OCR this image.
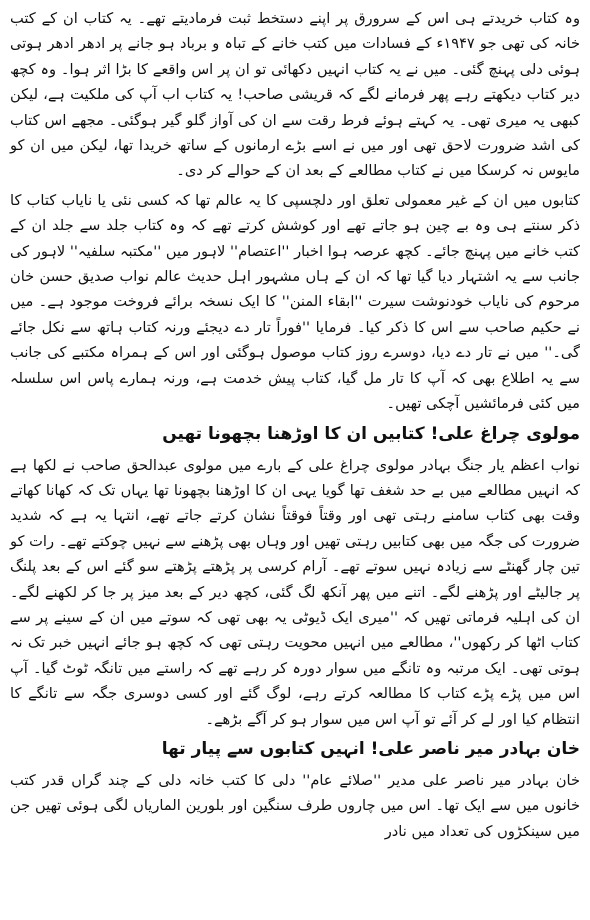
وہ کتاب خریدتے ہی اس کے سرورق پر اپنے دستخط ثبت فرمادیتے تھے۔ یہ کتاب ان کے کتب خانہ کی تھی جو ۱۹۴۷ء کے فسادات میں کتب خانے کے تباہ و برباد ہو جانے پر ادھر ادھر ہوتی ہوئی دلی پہنچ گئی۔ میں نے یہ کتاب انہیں دکھائی تو ان پر اس واقعے کا بڑا اثر ہوا۔ وہ کچھ دیر کتاب دیکھتے رہے پھر فرمانے لگے کہ قریشی صاحب! یہ کتاب اب آپ کی ملکیت ہے، لیکن کبھی یہ میری تھی۔ یہ کہتے ہوئے فرط رقت سے ان کی آواز گلو گیر ہوگئی۔ مجھے اس کتاب کی اشد ضرورت لاحق تھی اور میں نے اسے بڑے ارمانوں کے ساتھ خریدا تھا، لیکن میں ان کو مایوس نہ کرسکا میں نے کتاب مطالعے کے بعد ان کے حوالے کر دی۔

کتابوں میں ان کے غیر معمولی تعلق اور دلچسپی کا یہ عالم تھا کہ کسی نئی یا نایاب کتاب کا ذکر سنتے ہی وہ بے چین ہو جاتے تھے اور کوشش کرتے تھے کہ وہ کتاب جلد سے جلد ان کے کتب خانے میں پہنچ جائے۔ کچھ عرصہ ہوا اخبار ''اعتصام'' لاہور میں ''مکتبہ سلفیہ'' لاہور کی جانب سے یہ اشتہار دیا گیا تھا کہ ان کے ہاں مشہور اہل حدیث عالم نواب صدیق حسن خان مرحوم کی نایاب خودنوشت سیرت ''ابقاء المنن'' کا ایک نسخہ برائے فروخت موجود ہے۔ میں نے حکیم صاحب سے اس کا ذکر کیا۔ فرمایا ''فوراً تار دے دیجئے ورنہ کتاب ہاتھ سے نکل جائے گی۔'' میں نے تار دے دیا، دوسرے روز کتاب موصول ہوگئی اور اس کے ہمراہ مکتبے کی جانب سے یہ اطلاع بھی کہ آپ کا تار مل گیا، کتاب پیش خدمت ہے، ورنہ ہمارے پاس اس سلسلہ میں کئی فرمائشیں آچکی تھیں۔

مولوی چراغ علی! کتابیں ان کا اوڑھنا بچھونا تھیں

نواب اعظم یار جنگ بہادر مولوی چراغ علی کے بارے میں مولوی عبدالحق صاحب نے لکھا ہے کہ انہیں مطالعے میں بے حد شغف تھا گویا یہی ان کا اوڑھنا بچھونا تھا یہاں تک کہ کھانا کھاتے وقت بھی کتاب سامنے رہتی تھی اور وقتاً فوقتاً نشان کرتے جاتے تھے، انتہا یہ ہے کہ شدید ضرورت کی جگہ میں بھی کتابیں رہتی تھیں اور وہاں بھی پڑھنے سے نہیں چوکتے تھے۔ رات کو تین چار گھنٹے سے زیادہ نہیں سوتے تھے۔ آرام کرسی پر پڑھتے پڑھتے سو گئے اس کے بعد پلنگ پر جالیٹے اور پڑھنے لگے۔ اتنے میں پھر آنکھ لگ گئی، کچھ دیر کے بعد میز پر جا کر لکھنے لگے۔ ان کی اہلیہ فرماتی تھیں کہ ''میری ایک ڈیوٹی یہ بھی تھی کہ سوتے میں ان کے سینے پر سے کتاب اٹھا کر رکھوں''، مطالعے میں انہیں محویت رہتی تھی کہ کچھ ہو جائے انہیں خبر تک نہ ہوتی تھی۔ ایک مرتبہ وہ تانگے میں سوار دورہ کر رہے تھے کہ راستے میں تانگہ ٹوٹ گیا۔ آپ اس میں پڑے پڑے کتاب کا مطالعہ کرتے رہے، لوگ گئے اور کسی دوسری جگہ سے تانگے کا انتظام کیا اور لے کر آئے تو آپ اس میں سوار ہو کر آگے بڑھے۔

خان بہادر میر ناصر علی! انہیں کتابوں سے پیار تھا

خان بہادر میر ناصر علی مدیر ''صلائے عام'' دلی کا کتب خانہ دلی کے چند گراں قدر کتب خانوں میں سے ایک تھا۔ اس میں چاروں طرف سنگین اور بلورین الماریاں لگی ہوئی تھیں جن میں سینکڑوں کی تعداد میں نادر
